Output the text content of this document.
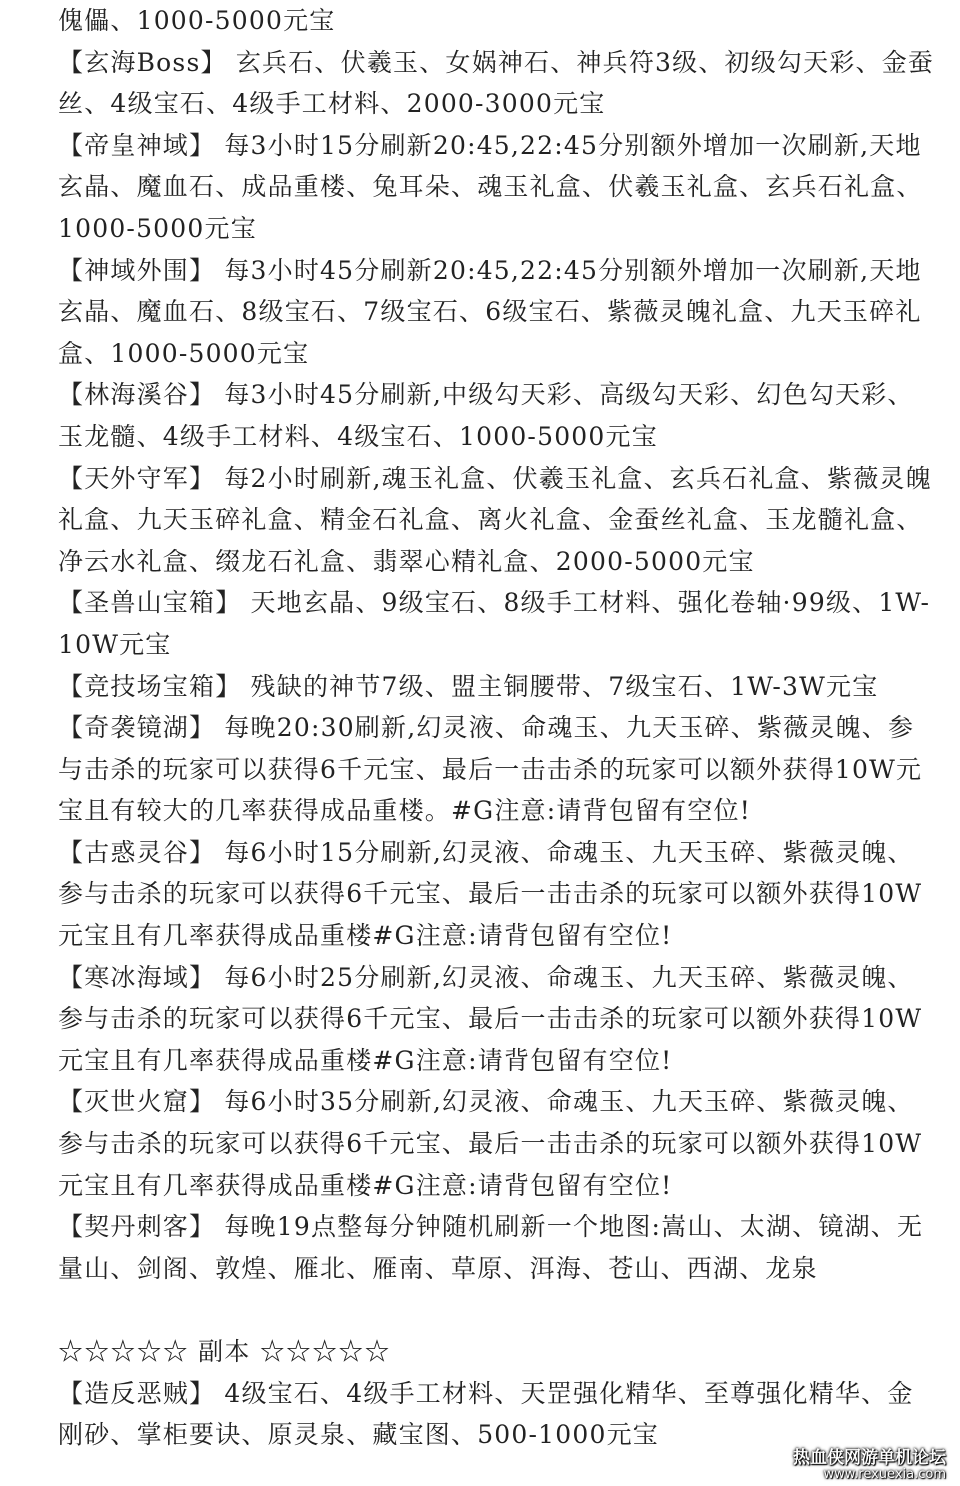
傀儡、1000-5000元宝

【玄海Boss】 玄兵石、伏羲玉、女娲神石、神兵符3级、初级勾天彩、金蚕丝、4级宝石、4级手工材料、2000-3000元宝

【帝皇神域】 每3小时15分刷新20:45,22:45分别额外增加一次刷新,天地玄晶、魔血石、成品重楼、兔耳朵、魂玉礼盒、伏羲玉礼盒、玄兵石礼盒、1000-5000元宝

【神域外围】 每3小时45分刷新20:45,22:45分别额外增加一次刷新,天地玄晶、魔血石、8级宝石、7级宝石、6级宝石、紫薇灵魄礼盒、九天玉碎礼盒、1000-5000元宝

【林海溪谷】 每3小时45分刷新,中级勾天彩、高级勾天彩、幻色勾天彩、玉龙髓、4级手工材料、4级宝石、1000-5000元宝

【天外守军】 每2小时刷新,魂玉礼盒、伏羲玉礼盒、玄兵石礼盒、紫薇灵魄礼盒、九天玉碎礼盒、精金石礼盒、离火礼盒、金蚕丝礼盒、玉龙髓礼盒、净云水礼盒、缀龙石礼盒、翡翠心精礼盒、2000-5000元宝

【圣兽山宝箱】 天地玄晶、9级宝石、8级手工材料、强化卷轴·99级、1W-10W元宝

【竞技场宝箱】 残缺的神节7级、盟主铜腰带、7级宝石、1W-3W元宝

【奇袭镜湖】 每晚20:30刷新,幻灵液、命魂玉、九天玉碎、紫薇灵魄、参与击杀的玩家可以获得6千元宝、最后一击击杀的玩家可以额外获得10W元宝且有较大的几率获得成品重楼。#G注意:请背包留有空位!

【古惑灵谷】 每6小时15分刷新,幻灵液、命魂玉、九天玉碎、紫薇灵魄、参与击杀的玩家可以获得6千元宝、最后一击击杀的玩家可以额外获得10W元宝且有几率获得成品重楼#G注意:请背包留有空位!

【寒冰海域】 每6小时25分刷新,幻灵液、命魂玉、九天玉碎、紫薇灵魄、参与击杀的玩家可以获得6千元宝、最后一击击杀的玩家可以额外获得10W元宝且有几率获得成品重楼#G注意:请背包留有空位!

【灭世火窟】 每6小时35分刷新,幻灵液、命魂玉、九天玉碎、紫薇灵魄、参与击杀的玩家可以获得6千元宝、最后一击击杀的玩家可以额外获得10W元宝且有几率获得成品重楼#G注意:请背包留有空位!

【契丹刺客】 每晚19点整每分钟随机刷新一个地图:嵩山、太湖、镜湖、无量山、剑阁、敦煌、雁北、雁南、草原、洱海、苍山、西湖、龙泉

☆☆☆☆☆ 副本 ☆☆☆☆☆

【造反恶贼】 4级宝石、4级手工材料、天罡强化精华、至尊强化精华、金刚砂、掌柜要诀、原灵泉、藏宝图、500-1000元宝

热血侠网游单机论坛
www.rexuexia.com
